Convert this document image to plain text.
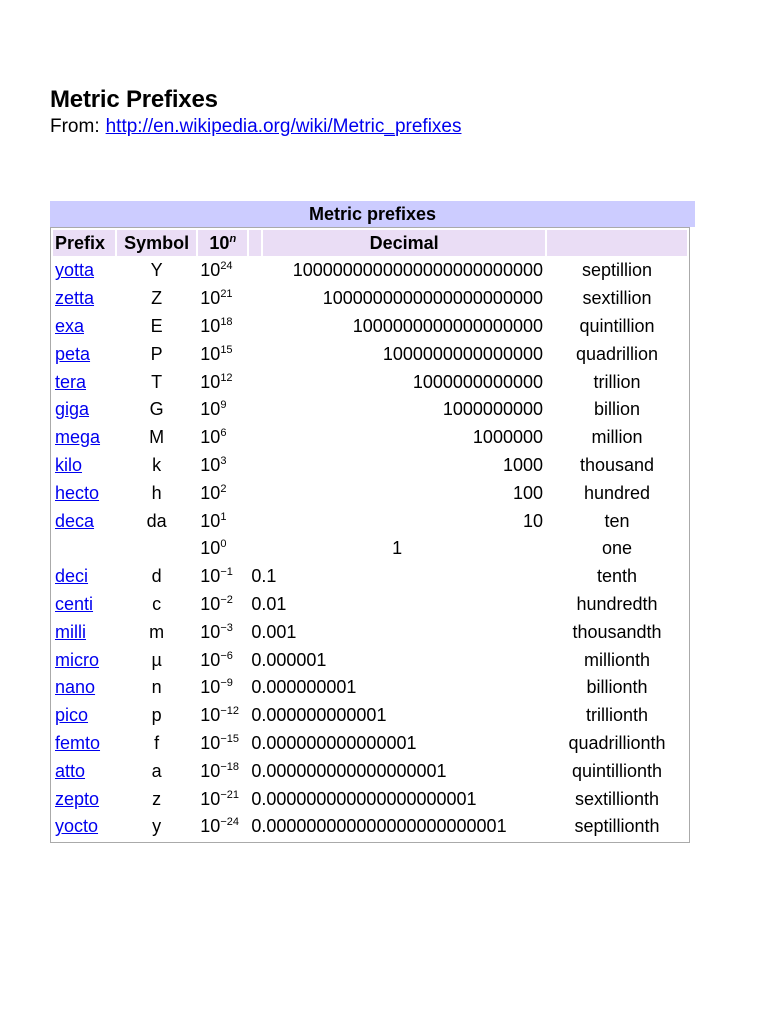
Metric Prefixes
From: http://en.wikipedia.org/wiki/Metric_prefixes
Metric prefixes
Prefix	Symbol	10$^n$		Decimal	
yotta	Y	$10^{24}$	1000000000000000000000000		septillion
zetta	Z	$10^{21}$	1000000000000000000000		sextillion
exa	E	$10^{18}$	1000000000000000000		quintillion
peta	P	$10^{15}$	1000000000000000		quadrillion
tera	T	$10^{12}$	1000000000000		trillion
giga	G	$10^9$	1000000000		billion
mega	M	$10^6$	1000000		million
kilo	k	$10^3$	1000		thousand
hecto	h	$10^2$	100		hundred
deca	da	$10^1$	10		ten
		$10^0$	1		one
deci	d	$10^{-1}$	0.1		tenth
centi	c	$10^{-2}$	0.01		hundredth
milli	m	$10^{-3}$	0.001		thousandth
micro	µ	$10^{-6}$	0.000001		millionth
nano	n	$10^{-9}$	0.000000001		billionth
pico	p	$10^{-12}$	0.000000000001		trillionth
femto	f	$10^{-15}$	0.000000000000001		quadrillionth
atto	a	$10^{-18}$	0.000000000000000001		quintillionth
zepto	z	$10^{-21}$	0.000000000000000000001		sextillionth
yocto	y	$10^{-24}$	0.000000000000000000000001		septillionth
